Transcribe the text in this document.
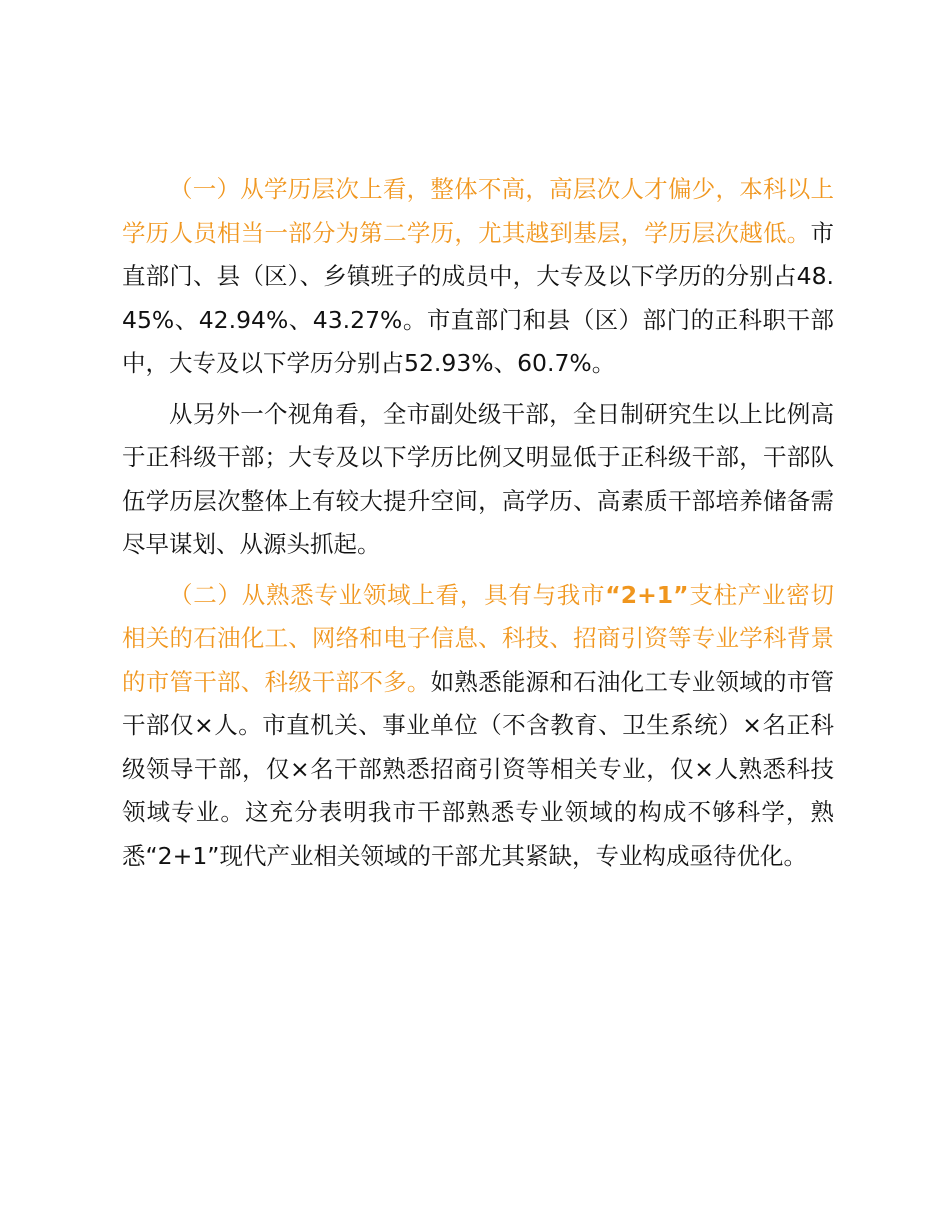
（一）从学历层次上看，整体不高，高层次人才偏少，本科以上学历人员相当一部分为第二学历，尤其越到基层，学历层次越低。市直部门、县（区）、乡镇班子的成员中，大专及以下学历的分别占48.45%、42.94%、43.27%。市直部门和县（区）部门的正科职干部中，大专及以下学历分别占52.93%、60.7%。

从另外一个视角看，全市副处级干部，全日制研究生以上比例高于正科级干部；大专及以下学历比例又明显低于正科级干部，干部队伍学历层次整体上有较大提升空间，高学历、高素质干部培养储备需尽早谋划、从源头抓起。

（二）从熟悉专业领域上看，具有与我市“2+1”支柱产业密切相关的石油化工、网络和电子信息、科技、招商引资等专业学科背景的市管干部、科级干部不多。如熟悉能源和石油化工专业领域的市管干部仅×人。市直机关、事业单位（不含教育、卫生系统）×名正科级领导干部，仅×名干部熟悉招商引资等相关专业，仅×人熟悉科技领域专业。这充分表明我市干部熟悉专业领域的构成不够科学，熟悉“2+1”现代产业相关领域的干部尤其紧缺，专业构成亟待优化。
